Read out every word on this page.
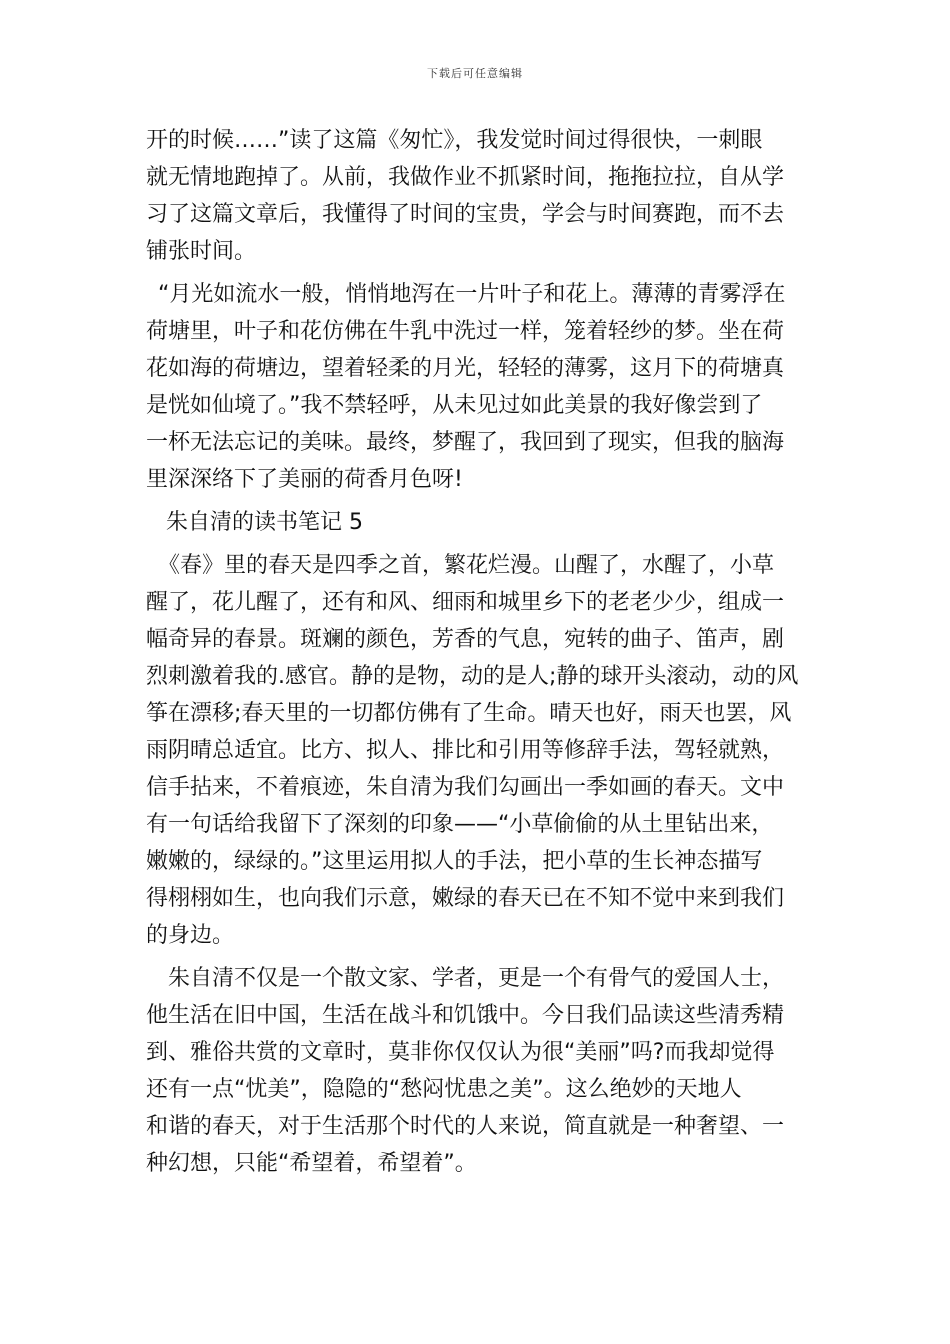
下载后可任意编辑
开的时候……”读了这篇《匆忙》，我发觉时间过得很快，一刺眼
就无情地跑掉了。从前，我做作业不抓紧时间，拖拖拉拉，自从学
习了这篇文章后，我懂得了时间的宝贵，学会与时间赛跑，而不去
铺张时间。
“月光如流水一般，悄悄地泻在一片叶子和花上。薄薄的青雾浮在
荷塘里，叶子和花仿佛在牛乳中洗过一样，笼着轻纱的梦。坐在荷
花如海的荷塘边，望着轻柔的月光，轻轻的薄雾，这月下的荷塘真
是恍如仙境了。”我不禁轻呼，从未见过如此美景的我好像尝到了
一杯无法忘记的美味。最终，梦醒了，我回到了现实，但我的脑海
里深深络下了美丽的荷香月色呀!
朱自清的读书笔记 5
《春》里的春天是四季之首，繁花烂漫。山醒了，水醒了，小草
醒了，花儿醒了，还有和风、细雨和城里乡下的老老少少，组成一
幅奇异的春景。斑斓的颜色，芳香的气息，宛转的曲子、笛声，剧
烈刺激着我的.感官。静的是物，动的是人;静的球开头滚动，动的风
筝在漂移;春天里的一切都仿佛有了生命。晴天也好，雨天也罢，风
雨阴晴总适宜。比方、拟人、排比和引用等修辞手法，驾轻就熟，
信手拈来，不着痕迹，朱自清为我们勾画出一季如画的春天。文中
有一句话给我留下了深刻的印象——“小草偷偷的从土里钻出来，
嫩嫩的，绿绿的。”这里运用拟人的手法，把小草的生长神态描写
得栩栩如生，也向我们示意，嫩绿的春天已在不知不觉中来到我们
的身边。
朱自清不仅是一个散文家、学者，更是一个有骨气的爱国人士，
他生活在旧中国，生活在战斗和饥饿中。今日我们品读这些清秀精
到、雅俗共赏的文章时，莫非你仅仅认为很“美丽”吗?而我却觉得
还有一点“忧美”，隐隐的“愁闷忧患之美”。这么绝妙的天地人
和谐的春天，对于生活那个时代的人来说，简直就是一种奢望、一
种幻想，只能“希望着，希望着”。
